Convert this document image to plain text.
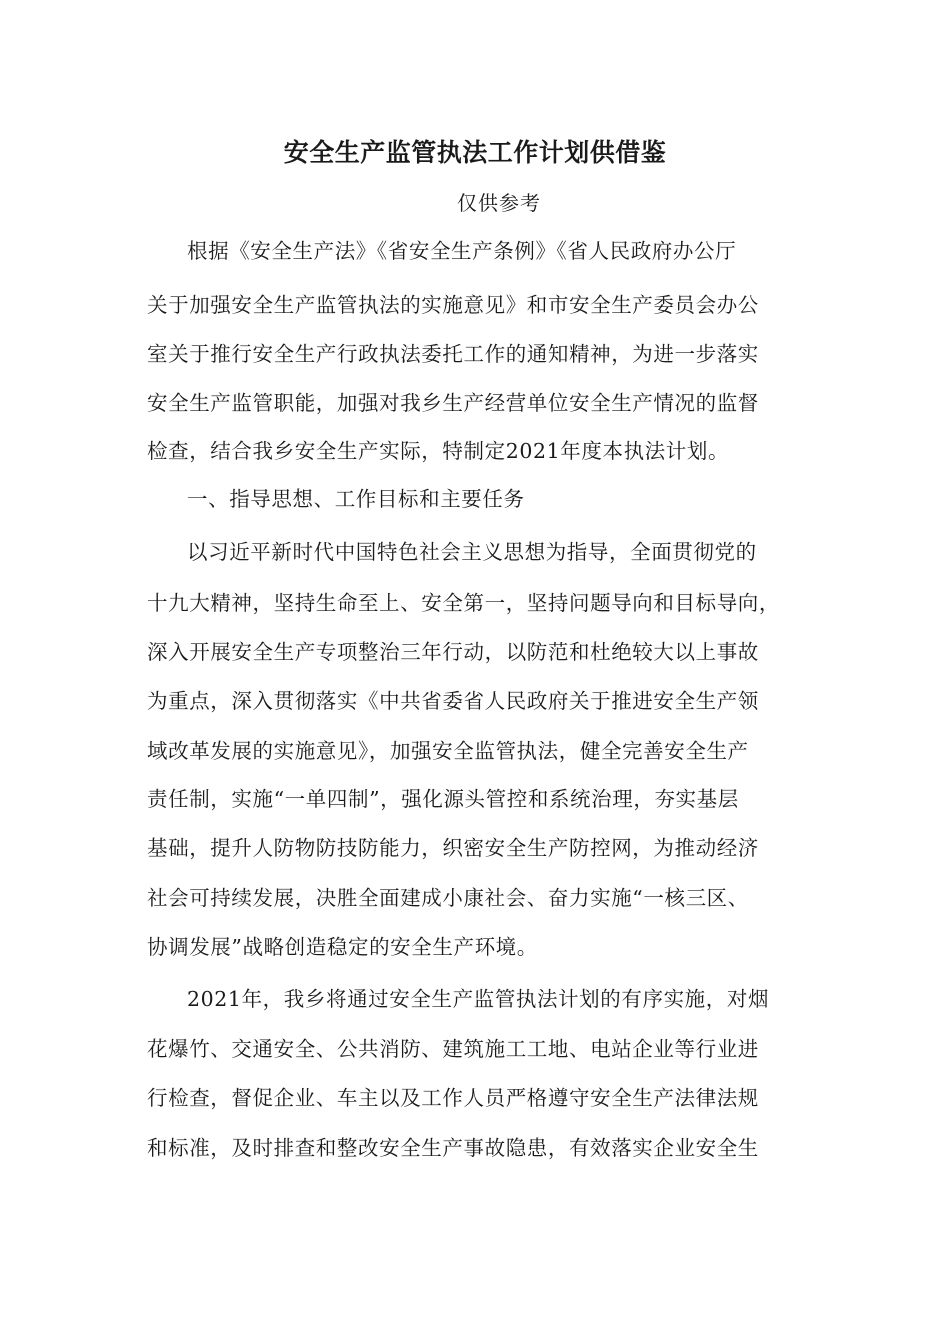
安全生产监管执法工作计划供借鉴
仅供参考
根据《安全生产法》《省安全生产条例》《省人民政府办公厅
关于加强安全生产监管执法的实施意见》和市安全生产委员会办公
室关于推行安全生产行政执法委托工作的通知精神，为进一步落实
安全生产监管职能，加强对我乡生产经营单位安全生产情况的监督
检查，结合我乡安全生产实际，特制定2021年度本执法计划。
一、指导思想、工作目标和主要任务
以习近平新时代中国特色社会主义思想为指导，全面贯彻党的
十九大精神，坚持生命至上、安全第一，坚持问题导向和目标导向，
深入开展安全生产专项整治三年行动，以防范和杜绝较大以上事故
为重点，深入贯彻落实《中共省委省人民政府关于推进安全生产领
域改革发展的实施意见》，加强安全监管执法，健全完善安全生产
责任制，实施“一单四制”，强化源头管控和系统治理，夯实基层
基础，提升人防物防技防能力，织密安全生产防控网，为推动经济
社会可持续发展，决胜全面建成小康社会、奋力实施“一核三区、
协调发展”战略创造稳定的安全生产环境。
2021年，我乡将通过安全生产监管执法计划的有序实施，对烟
花爆竹、交通安全、公共消防、建筑施工工地、电站企业等行业进
行检查，督促企业、车主以及工作人员严格遵守安全生产法律法规
和标准，及时排查和整改安全生产事故隐患，有效落实企业安全生
